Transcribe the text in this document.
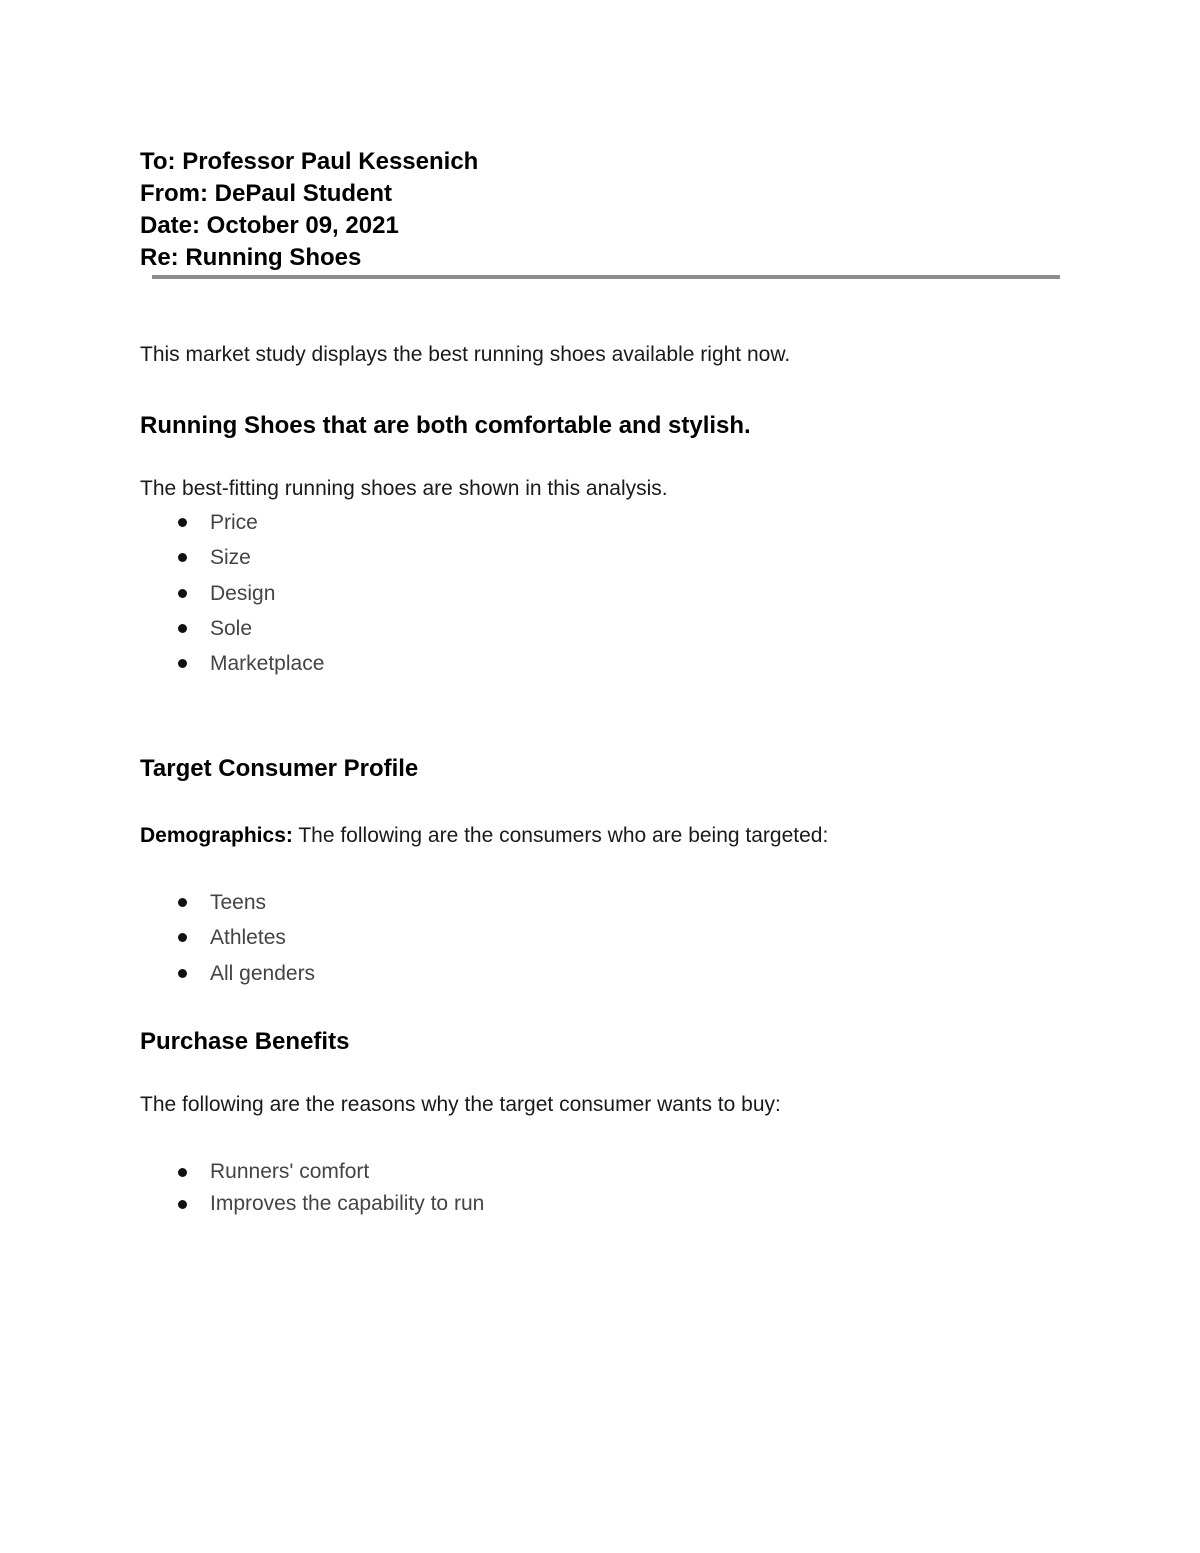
To: Professor Paul Kessenich
From: DePaul Student
Date: October 09, 2021
Re: Running Shoes
This market study displays the best running shoes available right now.
Running Shoes that are both comfortable and stylish.
The best-fitting running shoes are shown in this analysis.
Price
Size
Design
Sole
Marketplace
Target Consumer Profile
Demographics: The following are the consumers who are being targeted:
Teens
Athletes
All genders
Purchase Benefits
The following are the reasons why the target consumer wants to buy:
Runners' comfort
Improves the capability to run
